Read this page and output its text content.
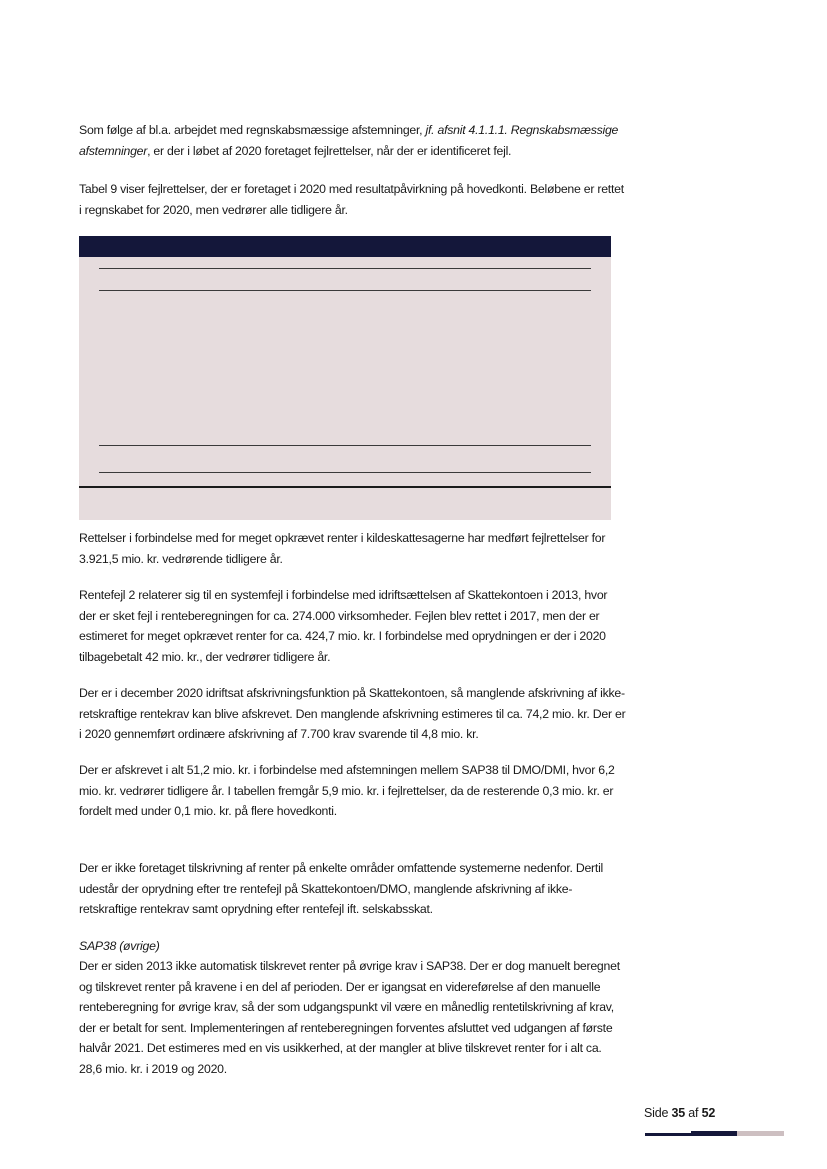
Som følge af bl.a. arbejdet med regnskabsmæssige afstemninger, jf. afsnit 4.1.1.1. Regnskabsmæssige afstemninger, er der i løbet af 2020 foretaget fejlrettelser, når der er identificeret fejl.

Tabel 9 viser fejlrettelser, der er foretaget i 2020 med resultatpåvirkning på hovedkonti. Beløbene er rettet i regnskabet for 2020, men vedrører alle tidligere år.

Rettelser i forbindelse med for meget opkrævet renter i kildeskattesagerne har medført fejlrettelser for 3.921,5 mio. kr. vedrørende tidligere år.

Rentefejl 2 relaterer sig til en systemfejl i forbindelse med idriftsættelsen af Skattekontoen i 2013, hvor der er sket fejl i renteberegningen for ca. 274.000 virksomheder. Fejlen blev rettet i 2017, men der er estimeret for meget opkrævet renter for ca. 424,7 mio. kr. I forbindelse med oprydningen er der i 2020 tilbagebetalt 42 mio. kr., der vedrører tidligere år.

Der er i december 2020 idriftsat afskrivningsfunktion på Skattekontoen, så manglende afskrivning af ikke-retskraftige rentekrav kan blive afskrevet. Den manglende afskrivning estimeres til ca. 74,2 mio. kr. Der er i 2020 gennemført ordinære afskrivning af 7.700 krav svarende til 4,8 mio. kr.

Der er afskrevet i alt 51,2 mio. kr. i forbindelse med afstemningen mellem SAP38 til DMO/DMI, hvor 6,2 mio. kr. vedrører tidligere år. I tabellen fremgår 5,9 mio. kr. i fejlrettelser, da de resterende 0,3 mio. kr. er fordelt med under 0,1 mio. kr. på flere hovedkonti.

Der er ikke foretaget tilskrivning af renter på enkelte områder omfattende systemerne nedenfor. Dertil udestår der oprydning efter tre rentefejl på Skattekontoen/DMO, manglende afskrivning af ikke-retskraftige rentekrav samt oprydning efter rentefejl ift. selskabsskat.

SAP38 (øvrige)

Der er siden 2013 ikke automatisk tilskrevet renter på øvrige krav i SAP38. Der er dog manuelt beregnet og tilskrevet renter på kravene i en del af perioden. Der er igangsat en videreførelse af den manuelle renteberegning for øvrige krav, så der som udgangspunkt vil være en månedlig rentetilskrivning af krav, der er betalt for sent. Implementeringen af renteberegningen forventes afsluttet ved udgangen af første halvår 2021. Det estimeres med en vis usikkerhed, at der mangler at blive tilskrevet renter for i alt ca. 28,6 mio. kr. i 2019 og 2020.

Side 35 af 52
